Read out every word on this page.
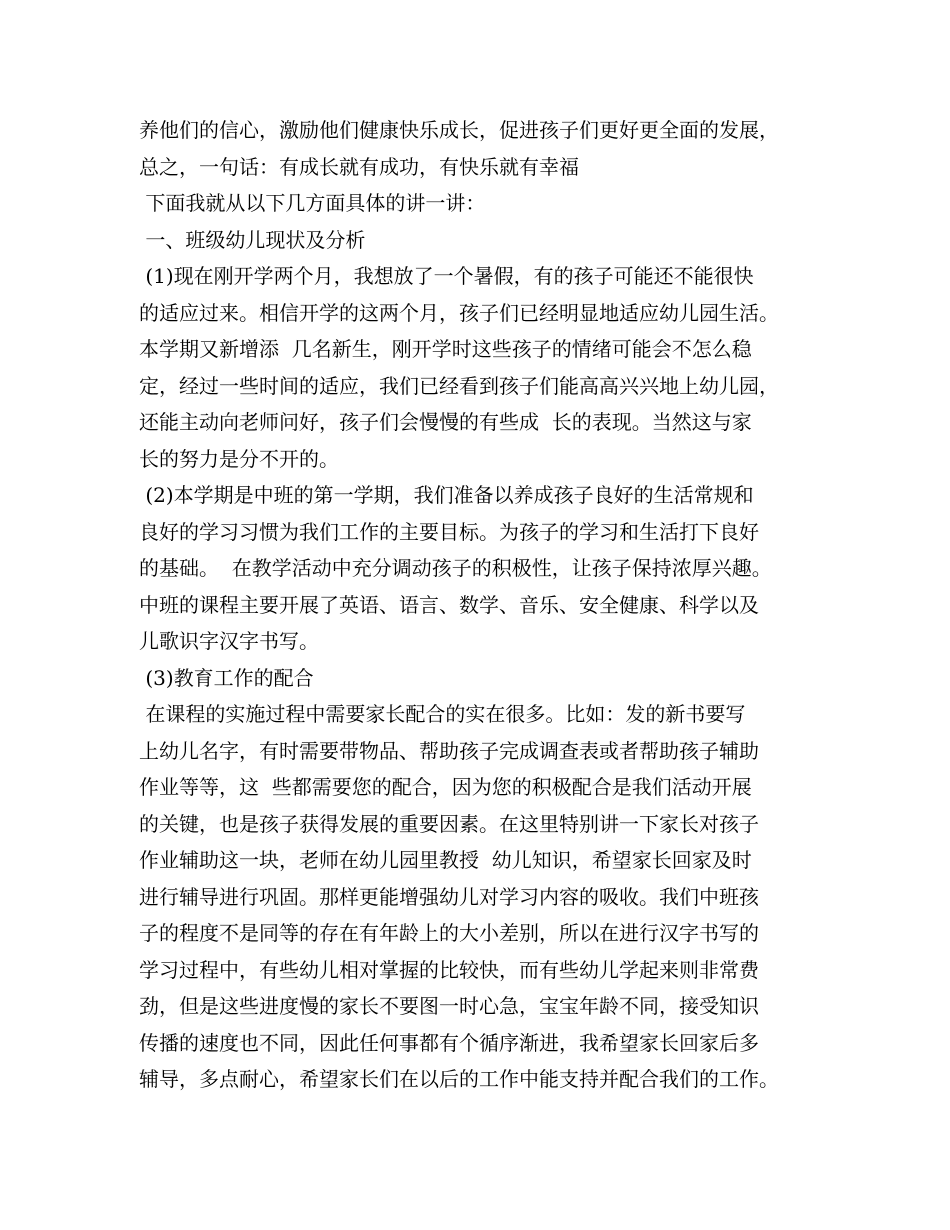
养他们的信心，激励他们健康快乐成长，促进孩子们更好更全面的发展，
总之，一句话：有成长就有成功，有快乐就有幸福
下面我就从以下几方面具体的讲一讲：
一、班级幼儿现状及分析
(1)现在刚开学两个月，我想放了一个暑假，有的孩子可能还不能很快
的适应过来。相信开学的这两个月，孩子们已经明显地适应幼儿园生活。
本学期又新增添  几名新生，刚开学时这些孩子的情绪可能会不怎么稳
定，经过一些时间的适应，我们已经看到孩子们能高高兴兴地上幼儿园，
还能主动向老师问好，孩子们会慢慢的有些成  长的表现。当然这与家
长的努力是分不开的。
(2)本学期是中班的第一学期，我们准备以养成孩子良好的生活常规和
良好的学习习惯为我们工作的主要目标。为孩子的学习和生活打下良好
的基础。  在教学活动中充分调动孩子的积极性，让孩子保持浓厚兴趣。
中班的课程主要开展了英语、语言、数学、音乐、安全健康、科学以及
儿歌识字汉字书写。
(3)教育工作的配合
在课程的实施过程中需要家长配合的实在很多。比如：发的新书要写
上幼儿名字，有时需要带物品、帮助孩子完成调查表或者帮助孩子辅助
作业等等，这  些都需要您的配合，因为您的积极配合是我们活动开展
的关键，也是孩子获得发展的重要因素。在这里特别讲一下家长对孩子
作业辅助这一块，老师在幼儿园里教授  幼儿知识，希望家长回家及时
进行辅导进行巩固。那样更能增强幼儿对学习内容的吸收。我们中班孩
子的程度不是同等的存在有年龄上的大小差别，所以在进行汉字书写的
学习过程中，有些幼儿相对掌握的比较快，而有些幼儿学起来则非常费
劲，但是这些进度慢的家长不要图一时心急，宝宝年龄不同，接受知识
传播的速度也不同，因此任何事都有个循序渐进，我希望家长回家后多
辅导，多点耐心，希望家长们在以后的工作中能支持并配合我们的工作。
